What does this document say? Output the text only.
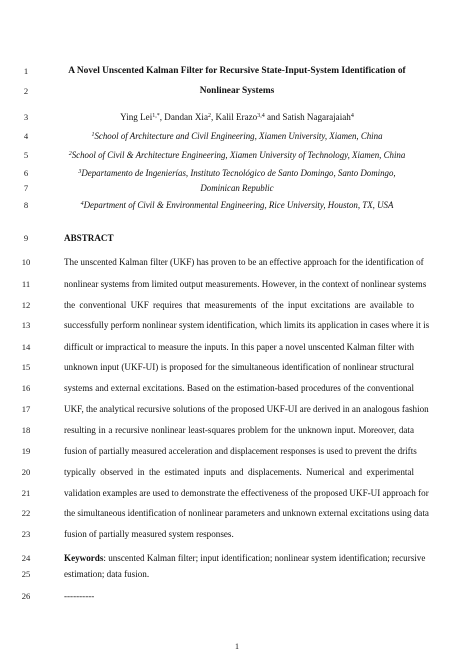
1
2
3
4
5
6
7
8
9
10
11
12
13
14
15
16
17
18
19
20
21
22
23
24
25
26
A Novel Unscented Kalman Filter for Recursive State-Input-System Identification of
Nonlinear Systems
Ying Lei$^{1,*}$, Dandan Xia$^2$, Kalil Erazo$^{3,4}$ and Satish Nagarajaiah$^4$
$^1$School of Architecture and Civil Engineering, Xiamen University, Xiamen, China
$^2$School of Civil & Architecture Engineering, Xiamen University of Technology, Xiamen, China
$^3$Departamento de Ingenierías, Instituto Tecnológico de Santo Domingo, Santo Domingo,
Dominican Republic
$^4$Department of Civil & Environmental Engineering, Rice University, Houston, TX, USA
ABSTRACT
The unscented Kalman filter (UKF) has proven to be an effective approach for the identification of
nonlinear systems from limited output measurements. However, in the context of nonlinear systems
the conventional UKF requires that measurements of the input excitations are available to
successfully perform nonlinear system identification, which limits its application in cases where it is
difficult or impractical to measure the inputs. In this paper a novel unscented Kalman filter with
unknown input (UKF-UI) is proposed for the simultaneous identification of nonlinear structural
systems and external excitations. Based on the estimation-based procedures of the conventional
UKF, the analytical recursive solutions of the proposed UKF-UI are derived in an analogous fashion
resulting in a recursive nonlinear least-squares problem for the unknown input. Moreover, data
fusion of partially measured acceleration and displacement responses is used to prevent the drifts
typically observed in the estimated inputs and displacements. Numerical and experimental
validation examples are used to demonstrate the effectiveness of the proposed UKF-UI approach for
the simultaneous identification of nonlinear parameters and unknown external excitations using data
fusion of partially measured system responses.
Keywords: unscented Kalman filter; input identification; nonlinear system identification; recursive
estimation; data fusion.
----------
1
